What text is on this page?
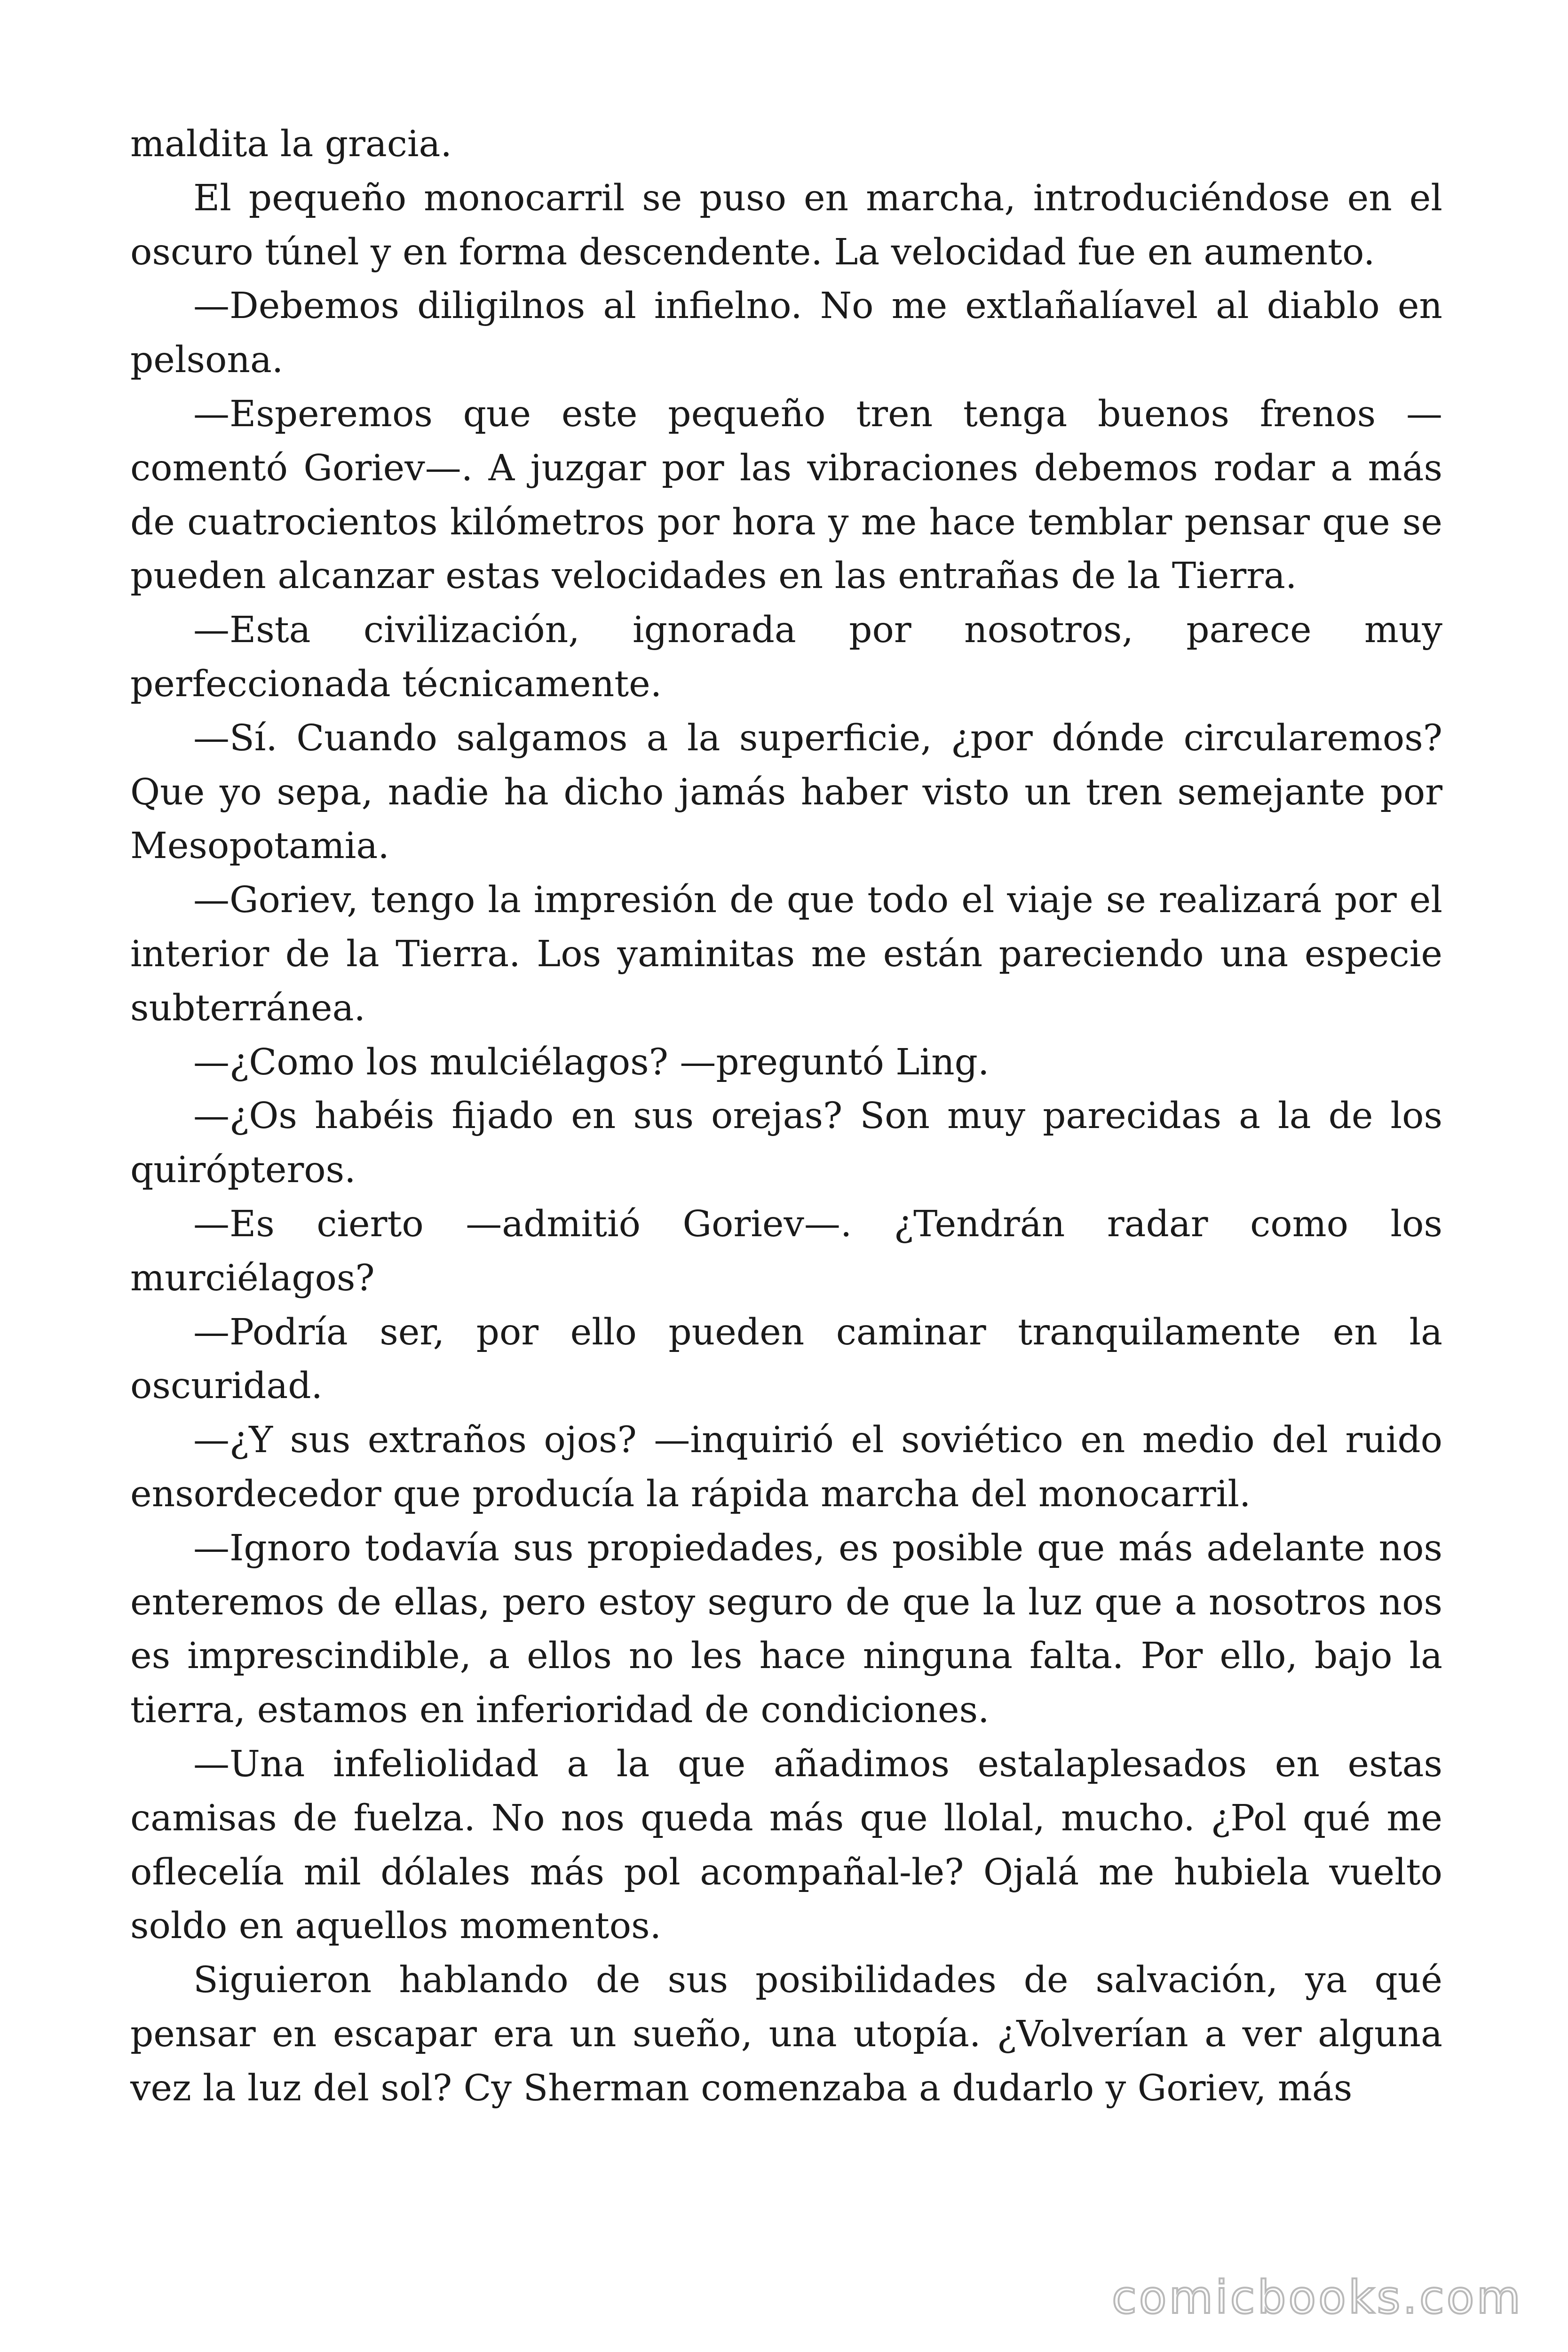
maldita la gracia.

El pequeño monocarril se puso en marcha, introduciéndose en el oscuro túnel y en forma descendente. La velocidad fue en aumento.

—Debemos diligilnos al infielno. No me extlañalíavel al diablo en pelsona.

—Esperemos que este pequeño tren tenga buenos frenos —comentó Goriev—. A juzgar por las vibraciones debemos rodar a más de cuatrocientos kilómetros por hora y me hace temblar pensar que se pueden alcanzar estas velocidades en las entrañas de la Tierra.

—Esta civilización, ignorada por nosotros, parece muy perfeccionada técnicamente.

—Sí. Cuando salgamos a la superficie, ¿por dónde circularemos? Que yo sepa, nadie ha dicho jamás haber visto un tren semejante por Mesopotamia.

—Goriev, tengo la impresión de que todo el viaje se realizará por el interior de la Tierra. Los yaminitas me están pareciendo una especie subterránea.

—¿Como los mulciélagos? —preguntó Ling.

—¿Os habéis fijado en sus orejas? Son muy parecidas a la de los quirópteros.

—Es cierto —admitió Goriev—. ¿Tendrán radar como los murciélagos?

—Podría ser, por ello pueden caminar tranquilamente en la oscuridad.

—¿Y sus extraños ojos? —inquirió el soviético en medio del ruido ensordecedor que producía la rápida marcha del monocarril.

—Ignoro todavía sus propiedades, es posible que más adelante nos enteremos de ellas, pero estoy seguro de que la luz que a nosotros nos es imprescindible, a ellos no les hace ninguna falta. Por ello, bajo la tierra, estamos en inferioridad de condiciones.

—Una infeliolidad a la que añadimos estalaplesados en estas camisas de fuelza. No nos queda más que llolal, mucho. ¿Pol qué me oflecelía mil dólales más pol acompañal-le? Ojalá me hubiela vuelto soldo en aquellos momentos.

Siguieron hablando de sus posibilidades de salvación, ya qué pensar en escapar era un sueño, una utopía. ¿Volverían a ver alguna vez la luz del sol? Cy Sherman comenzaba a dudarlo y Goriev, más

comicbooks.com
